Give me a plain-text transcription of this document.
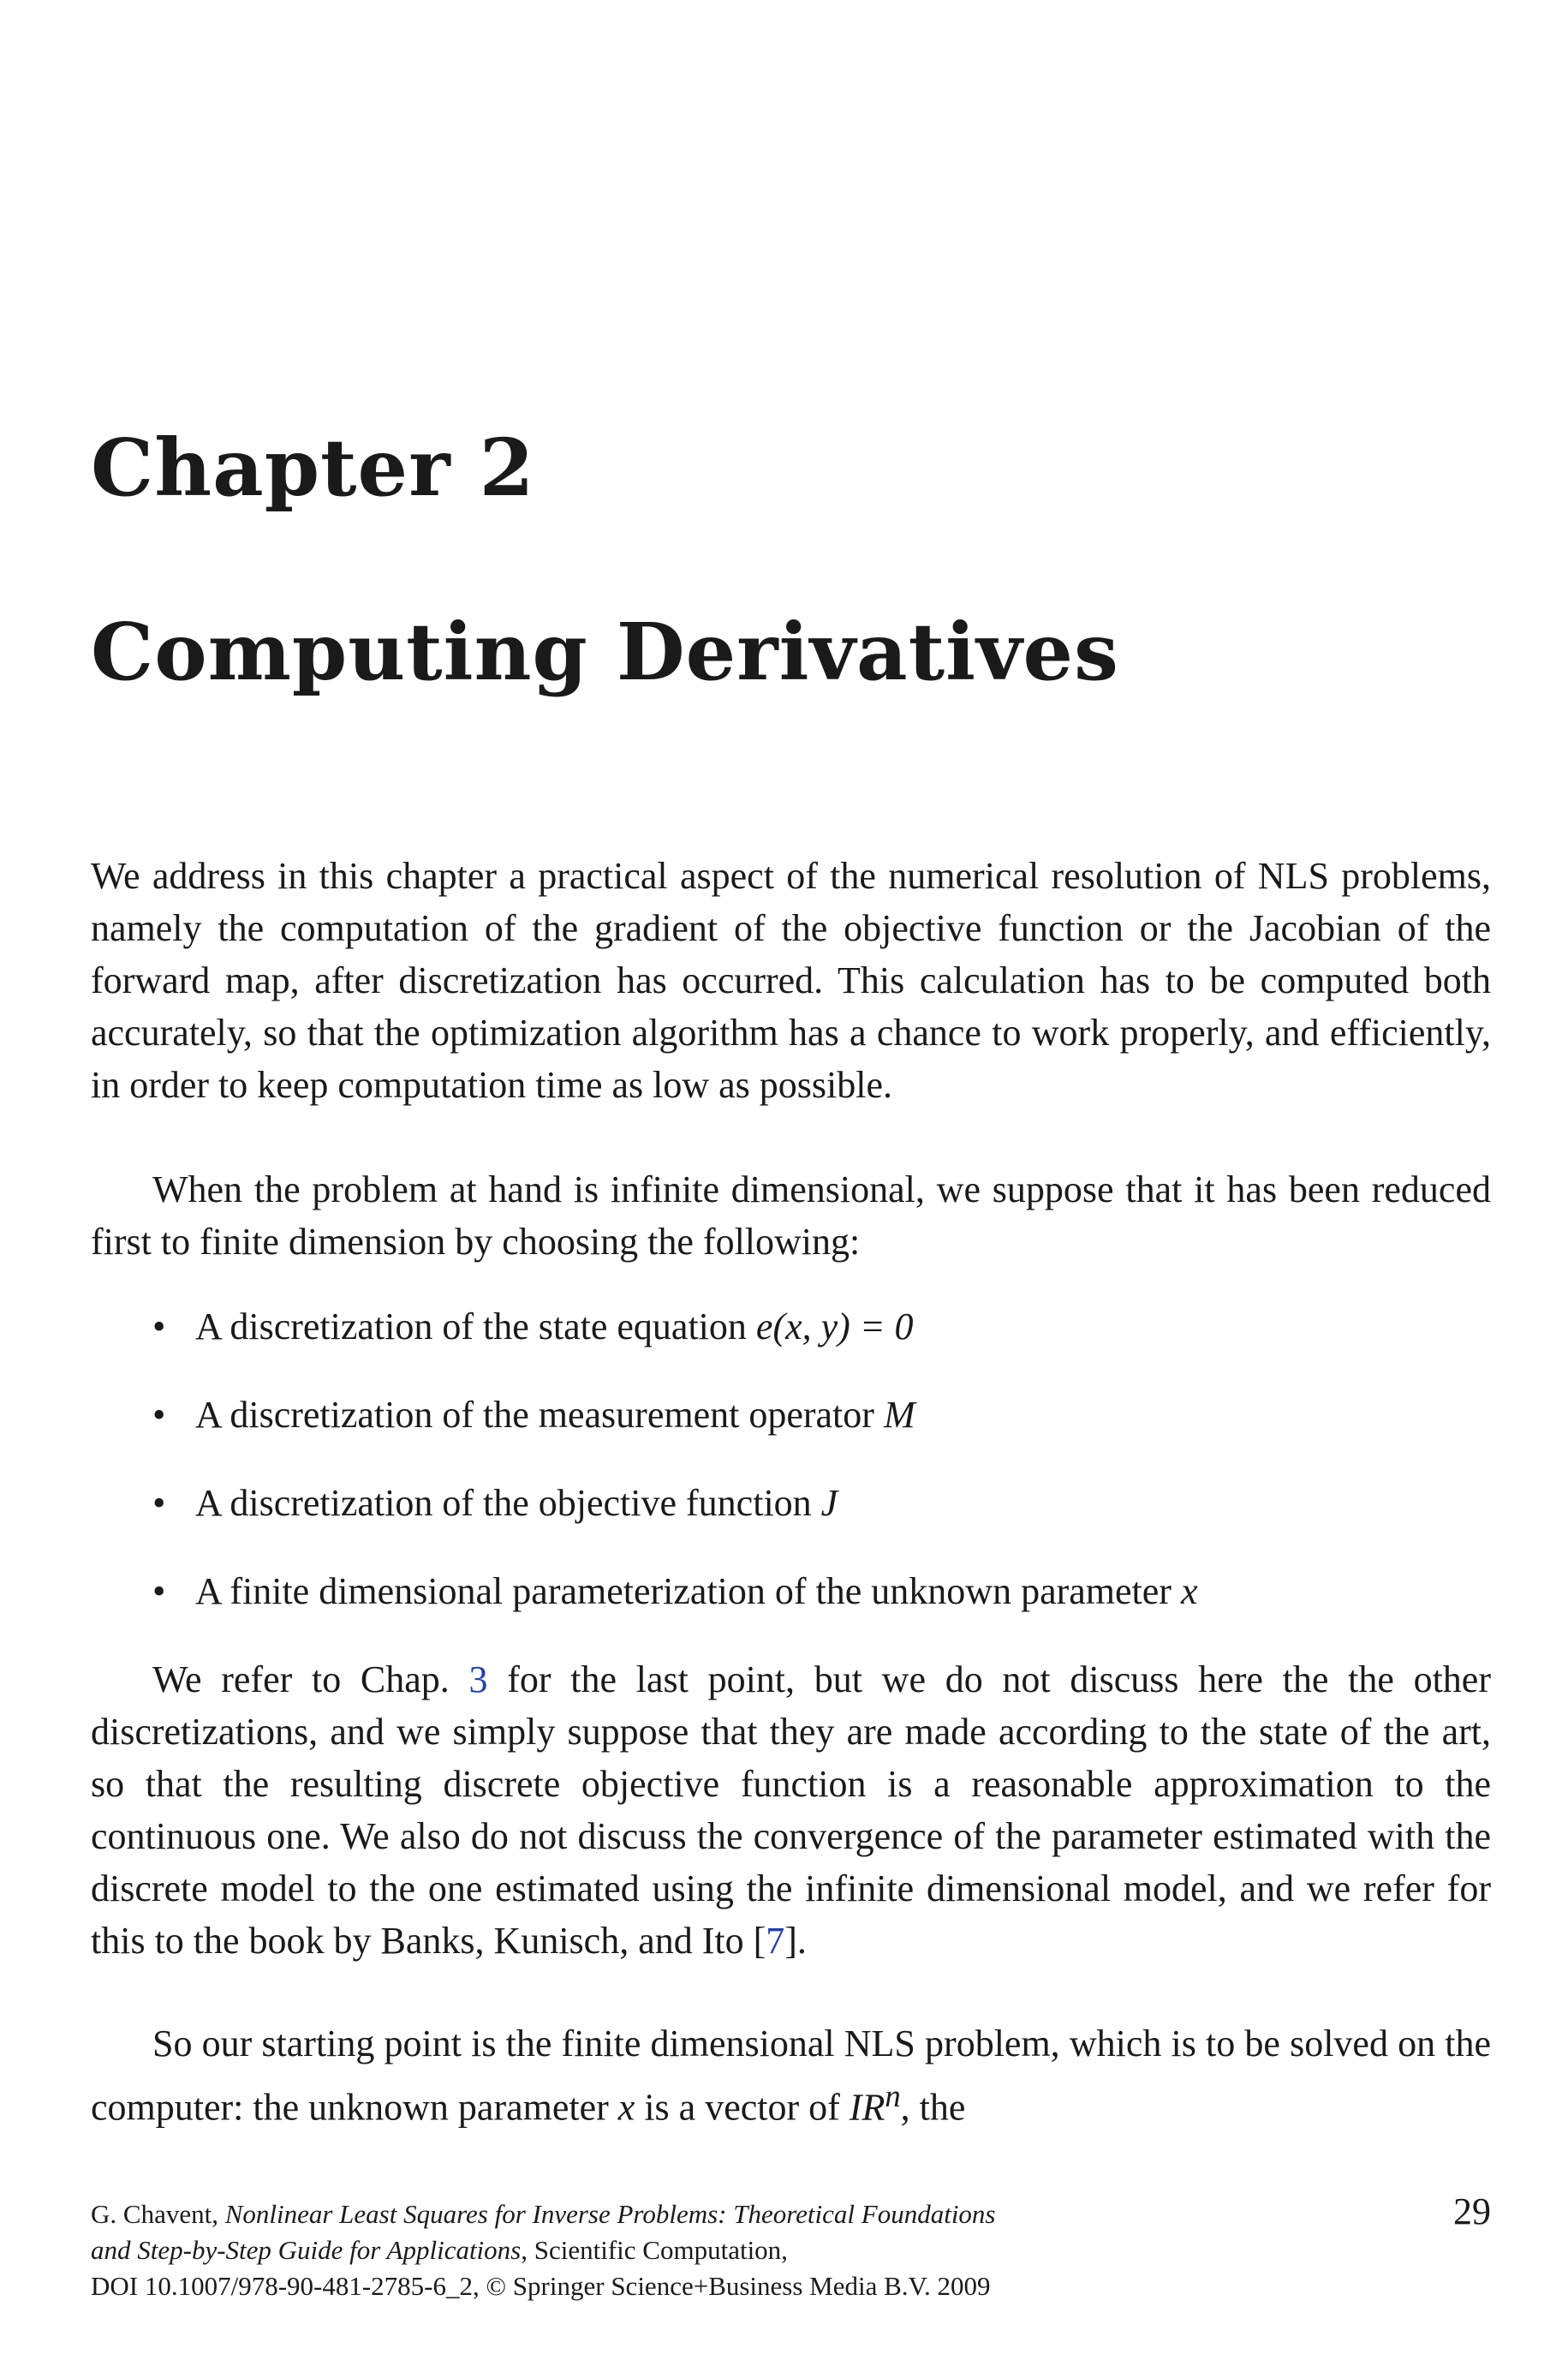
Chapter 2
Computing Derivatives

We address in this chapter a practical aspect of the numerical resolution of NLS problems, namely the computation of the gradient of the objective function or the Jacobian of the forward map, after discretization has occurred. This calculation has to be computed both accurately, so that the optimization algorithm has a chance to work properly, and efficiently, in order to keep computation time as low as possible.

When the problem at hand is infinite dimensional, we suppose that it has been reduced first to finite dimension by choosing the following:

• A discretization of the state equation e(x, y) = 0
• A discretization of the measurement operator M
• A discretization of the objective function J
• A finite dimensional parameterization of the unknown parameter x

We refer to Chap. 3 for the last point, but we do not discuss here the the other discretizations, and we simply suppose that they are made according to the state of the art, so that the resulting discrete objective function is a reasonable approximation to the continuous one. We also do not discuss the convergence of the parameter estimated with the discrete model to the one estimated using the infinite dimensional model, and we refer for this to the book by Banks, Kunisch, and Ito [7].

So our starting point is the finite dimensional NLS problem, which is to be solved on the computer: the unknown parameter x is a vector of $IR^n$, the

G. Chavent, Nonlinear Least Squares for Inverse Problems: Theoretical Foundations
and Step-by-Step Guide for Applications, Scientific Computation,
DOI 10.1007/978-90-481-2785-6_2, © Springer Science+Business Media B.V. 2009

29
